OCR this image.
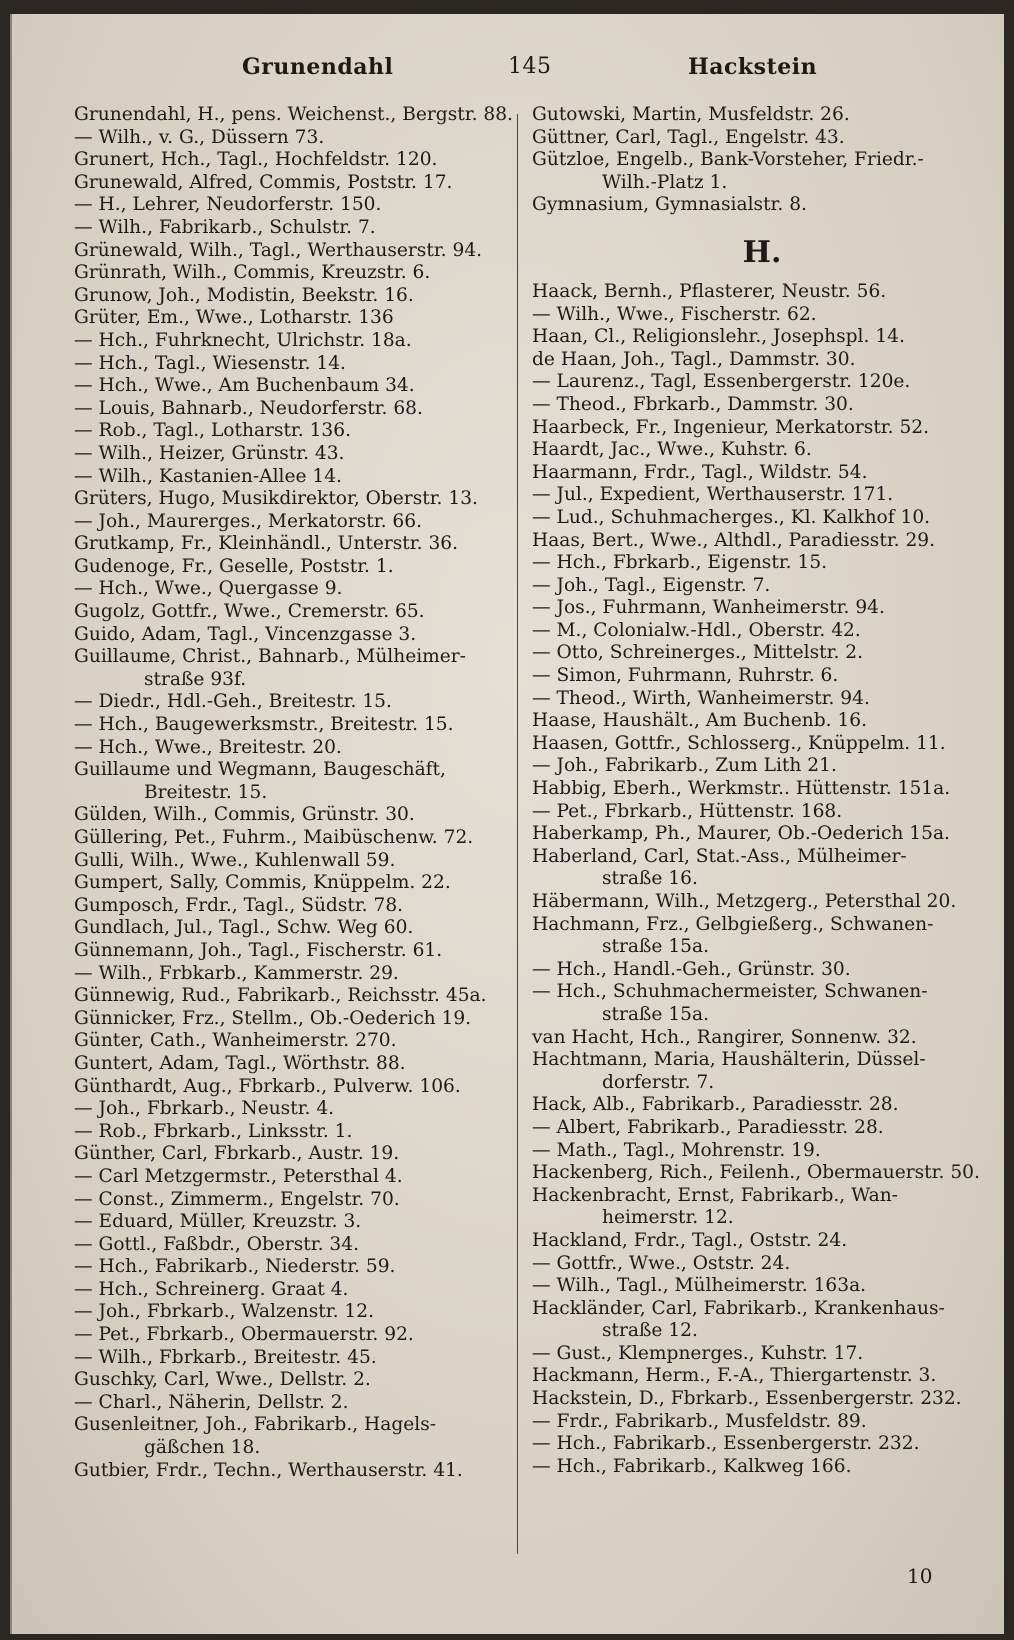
Grunendahl	145	Hackstein
Grunendahl, H., pens. Weichenst., Bergstr. 88.
— Wilh., v. G., Düssern 73.
Grunert, Hch., Tagl., Hochfeldstr. 120.
Grunewald, Alfred, Commis, Poststr. 17.
— H., Lehrer, Neudorferstr. 150.
— Wilh., Fabrikarb., Schulstr. 7.
Grünewald, Wilh., Tagl., Werthauserstr. 94.
Grünrath, Wilh., Commis, Kreuzstr. 6.
Grunow, Joh., Modistin, Beekstr. 16.
Grüter, Em., Wwe., Lotharstr. 136
— Hch., Fuhrknecht, Ulrichstr. 18a.
— Hch., Tagl., Wiesenstr. 14.
— Hch., Wwe., Am Buchenbaum 34.
— Louis, Bahnarb., Neudorferstr. 68.
— Rob., Tagl., Lotharstr. 136.
— Wilh., Heizer, Grünstr. 43.
— Wilh., Kastanien-Allee 14.
Grüters, Hugo, Musikdirektor, Oberstr. 13.
— Joh., Maurerges., Merkatorstr. 66.
Grutkamp, Fr., Kleinhändl., Unterstr. 36.
Gudenoge, Fr., Geselle, Poststr. 1.
— Hch., Wwe., Quergasse 9.
Gugolz, Gottfr., Wwe., Cremerstr. 65.
Guido, Adam, Tagl., Vincenzgasse 3.
Guillaume, Christ., Bahnarb., Mülheimer-
straße 93f.
— Diedr., Hdl.-Geh., Breitestr. 15.
— Hch., Baugewerksmstr., Breitestr. 15.
— Hch., Wwe., Breitestr. 20.
Guillaume und Wegmann, Baugeschäft,
Breitestr. 15.
Gülden, Wilh., Commis, Grünstr. 30.
Güllering, Pet., Fuhrm., Maibüschenw. 72.
Gulli, Wilh., Wwe., Kuhlenwall 59.
Gumpert, Sally, Commis, Knüppelm. 22.
Gumposch, Frdr., Tagl., Südstr. 78.
Gundlach, Jul., Tagl., Schw. Weg 60.
Günnemann, Joh., Tagl., Fischerstr. 61.
— Wilh., Frbkarb., Kammerstr. 29.
Günnewig, Rud., Fabrikarb., Reichsstr. 45a.
Günnicker, Frz., Stellm., Ob.-Oederich 19.
Günter, Cath., Wanheimerstr. 270.
Guntert, Adam, Tagl., Wörthstr. 88.
Günthardt, Aug., Fbrkarb., Pulverw. 106.
— Joh., Fbrkarb., Neustr. 4.
— Rob., Fbrkarb., Linksstr. 1.
Günther, Carl, Fbrkarb., Austr. 19.
— Carl Metzgermstr., Petersthal 4.
— Const., Zimmerm., Engelstr. 70.
— Eduard, Müller, Kreuzstr. 3.
— Gottl., Faßbdr., Oberstr. 34.
— Hch., Fabrikarb., Niederstr. 59.
— Hch., Schreinerg. Graat 4.
— Joh., Fbrkarb., Walzenstr. 12.
— Pet., Fbrkarb., Obermauerstr. 92.
— Wilh., Fbrkarb., Breitestr. 45.
Guschky, Carl, Wwe., Dellstr. 2.
— Charl., Näherin, Dellstr. 2.
Gusenleitner, Joh., Fabrikarb., Hagels-
gäßchen 18.
Gutbier, Frdr., Techn., Werthauserstr. 41.
Gutowski, Martin, Musfeldstr. 26.
Güttner, Carl, Tagl., Engelstr. 43.
Gützloe, Engelb., Bank-Vorsteher, Friedr.-
Wilh.-Platz 1.
Gymnasium, Gymnasialstr. 8.
H.
Haack, Bernh., Pflasterer, Neustr. 56.
— Wilh., Wwe., Fischerstr. 62.
Haan, Cl., Religionslehr., Josephspl. 14.
de Haan, Joh., Tagl., Dammstr. 30.
— Laurenz., Tagl, Essenbergerstr. 120e.
— Theod., Fbrkarb., Dammstr. 30.
Haarbeck, Fr., Ingenieur, Merkatorstr. 52.
Haardt, Jac., Wwe., Kuhstr. 6.
Haarmann, Frdr., Tagl., Wildstr. 54.
— Jul., Expedient, Werthauserstr. 171.
— Lud., Schuhmacherges., Kl. Kalkhof 10.
Haas, Bert., Wwe., Althdl., Paradiesstr. 29.
— Hch., Fbrkarb., Eigenstr. 15.
— Joh., Tagl., Eigenstr. 7.
— Jos., Fuhrmann, Wanheimerstr. 94.
— M., Colonialw.-Hdl., Oberstr. 42.
— Otto, Schreinerges., Mittelstr. 2.
— Simon, Fuhrmann, Ruhrstr. 6.
— Theod., Wirth, Wanheimerstr. 94.
Haase, Haushält., Am Buchenb. 16.
Haasen, Gottfr., Schlosserg., Knüppelm. 11.
— Joh., Fabrikarb., Zum Lith 21.
Habbig, Eberh., Werkmstr.. Hüttenstr. 151a.
— Pet., Fbrkarb., Hüttenstr. 168.
Haberkamp, Ph., Maurer, Ob.-Oederich 15a.
Haberland, Carl, Stat.-Ass., Mülheimer-
straße 16.
Häbermann, Wilh., Metzgerg., Petersthal 20.
Hachmann, Frz., Gelbgießerg., Schwanen-
straße 15a.
— Hch., Handl.-Geh., Grünstr. 30.
— Hch., Schuhmachermeister, Schwanen-
straße 15a.
van Hacht, Hch., Rangirer, Sonnenw. 32.
Hachtmann, Maria, Haushälterin, Düssel-
dorferstr. 7.
Hack, Alb., Fabrikarb., Paradiesstr. 28.
— Albert, Fabrikarb., Paradiesstr. 28.
— Math., Tagl., Mohrenstr. 19.
Hackenberg, Rich., Feilenh., Obermauerstr. 50.
Hackenbracht, Ernst, Fabrikarb., Wan-
heimerstr. 12.
Hackland, Frdr., Tagl., Oststr. 24.
— Gottfr., Wwe., Oststr. 24.
— Wilh., Tagl., Mülheimerstr. 163a.
Hackländer, Carl, Fabrikarb., Krankenhaus-
straße 12.
— Gust., Klempnerges., Kuhstr. 17.
Hackmann, Herm., F.-A., Thiergartenstr. 3.
Hackstein, D., Fbrkarb., Essenbergerstr. 232.
— Frdr., Fabrikarb., Musfeldstr. 89.
— Hch., Fabrikarb., Essenbergerstr. 232.
— Hch., Fabrikarb., Kalkweg 166.
10
